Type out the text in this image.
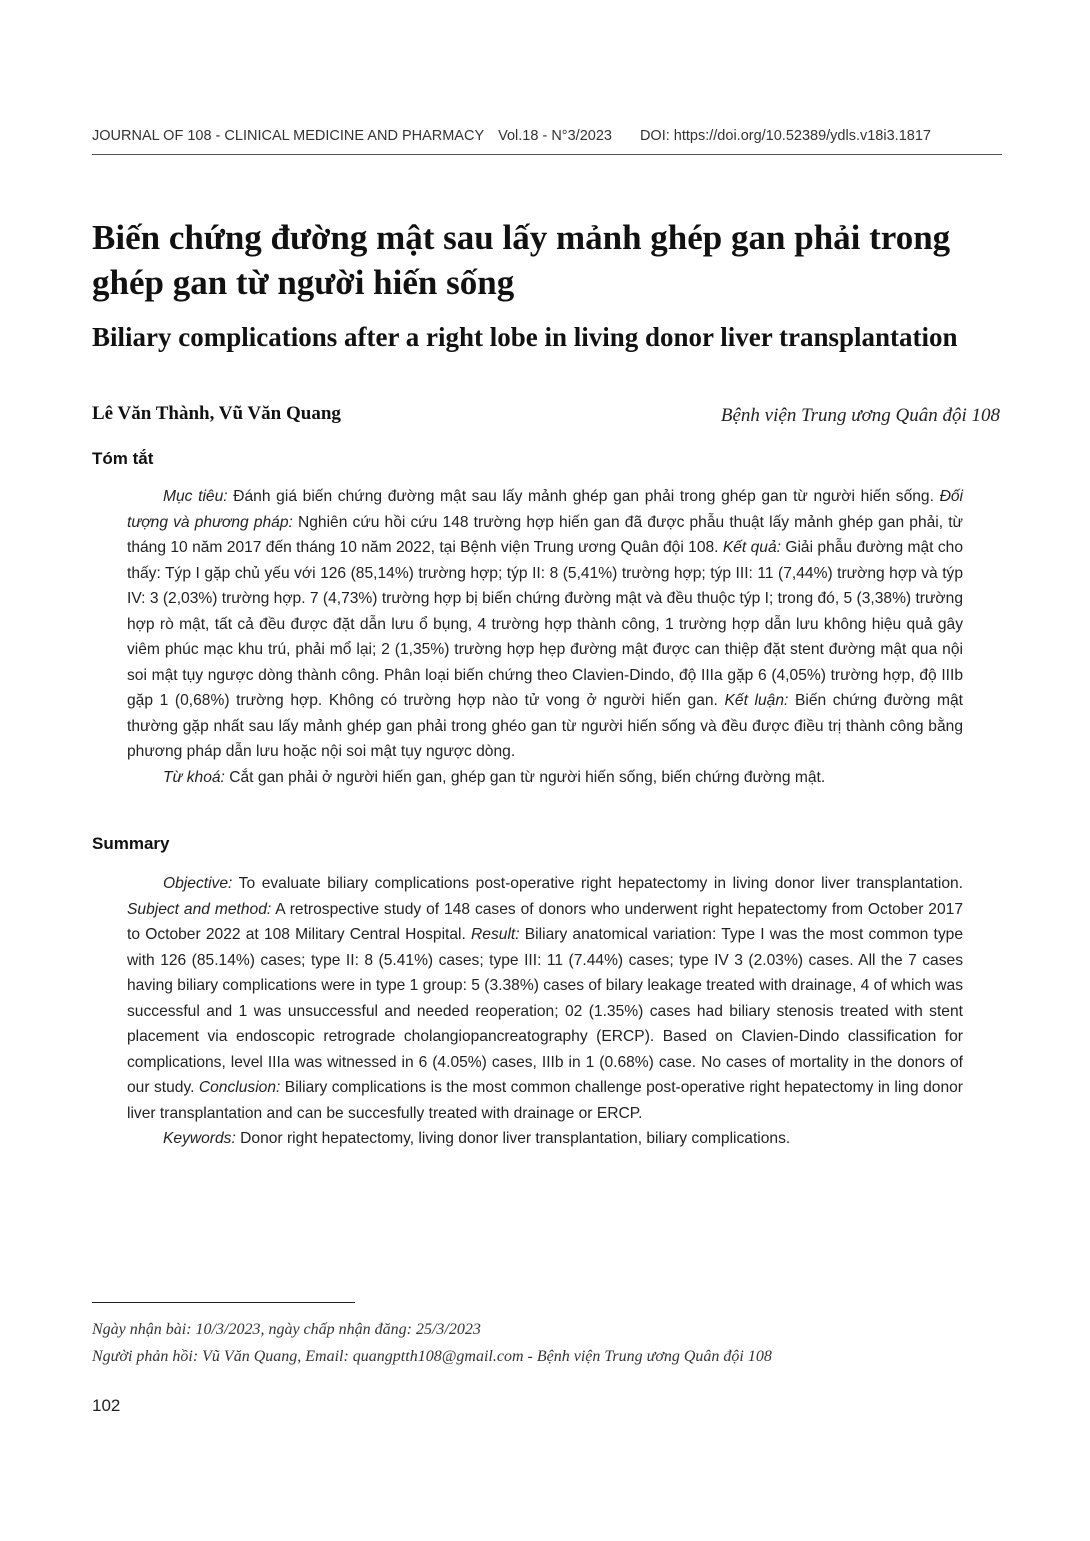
JOURNAL OF 108 - CLINICAL MEDICINE AND PHARMACY Vol.18 - N°3/2023 DOI: https://doi.org/10.52389/ydls.v18i3.1817
Biến chứng đường mật sau lấy mảnh ghép gan phải trong ghép gan từ người hiến sống
Biliary complications after a right lobe in living donor liver transplantation
Lê Văn Thành, Vũ Văn Quang	Bệnh viện Trung ương Quân đội 108
Tóm tắt

Mục tiêu: Đánh giá biến chứng đường mật sau lấy mảnh ghép gan phải trong ghép gan từ người hiến sống. Đối tượng và phương pháp: Nghiên cứu hồi cứu 148 trường hợp hiến gan đã được phẫu thuật lấy mảnh ghép gan phải, từ tháng 10 năm 2017 đến tháng 10 năm 2022, tại Bệnh viện Trung ương Quân đội 108. Kết quả: Giải phẫu đường mật cho thấy: Týp I gặp chủ yếu với 126 (85,14%) trường hợp; týp II: 8 (5,41%) trường hợp; týp III: 11 (7,44%) trường hợp và týp IV: 3 (2,03%) trường hợp. 7 (4,73%) trường hợp bị biến chứng đường mật và đều thuộc týp I; trong đó, 5 (3,38%) trường hợp rò mật, tất cả đều được đặt dẫn lưu ổ bụng, 4 trường hợp thành công, 1 trường hợp dẫn lưu không hiệu quả gây viêm phúc mạc khu trú, phải mổ lại; 2 (1,35%) trường hợp hẹp đường mật được can thiệp đặt stent đường mật qua nội soi mật tụy ngược dòng thành công. Phân loại biến chứng theo Clavien-Dindo, độ IIIa gặp 6 (4,05%) trường hợp, độ IIIb gặp 1 (0,68%) trường hợp. Không có trường hợp nào tử vong ở người hiến gan. Kết luận: Biến chứng đường mật thường gặp nhất sau lấy mảnh ghép gan phải trong ghéo gan từ người hiến sống và đều được điều trị thành công bằng phương pháp dẫn lưu hoặc nội soi mật tụy ngược dòng.

Từ khoá: Cắt gan phải ở người hiến gan, ghép gan từ người hiến sống, biến chứng đường mật.

Summary

Objective: To evaluate biliary complications post-operative right hepatectomy in living donor liver transplantation. Subject and method: A retrospective study of 148 cases of donors who underwent right hepatectomy from October 2017 to October 2022 at 108 Military Central Hospital. Result: Biliary anatomical variation: Type I was the most common type with 126 (85.14%) cases; type II: 8 (5.41%) cases; type III: 11 (7.44%) cases; type IV 3 (2.03%) cases. All the 7 cases having biliary complications were in type 1 group: 5 (3.38%) cases of bilary leakage treated with drainage, 4 of which was successful and 1 was unsuccessful and needed reoperation; 02 (1.35%) cases had biliary stenosis treated with stent placement via endoscopic retrograde cholangiopancreatography (ERCP). Based on Clavien-Dindo classification for complications, level IIIa was witnessed in 6 (4.05%) cases, IIIb in 1 (0.68%) case. No cases of mortality in the donors of our study. Conclusion: Biliary complications is the most common challenge post-operative right hepatectomy in ling donor liver transplantation and can be succesfully treated with drainage or ERCP.

Keywords: Donor right hepatectomy, living donor liver transplantation, biliary complications.

Ngày nhận bài: 10/3/2023, ngày chấp nhận đăng: 25/3/2023
Người phản hồi: Vũ Văn Quang, Email: quangptth108@gmail.com - Bệnh viện Trung ương Quân đội 108
102
